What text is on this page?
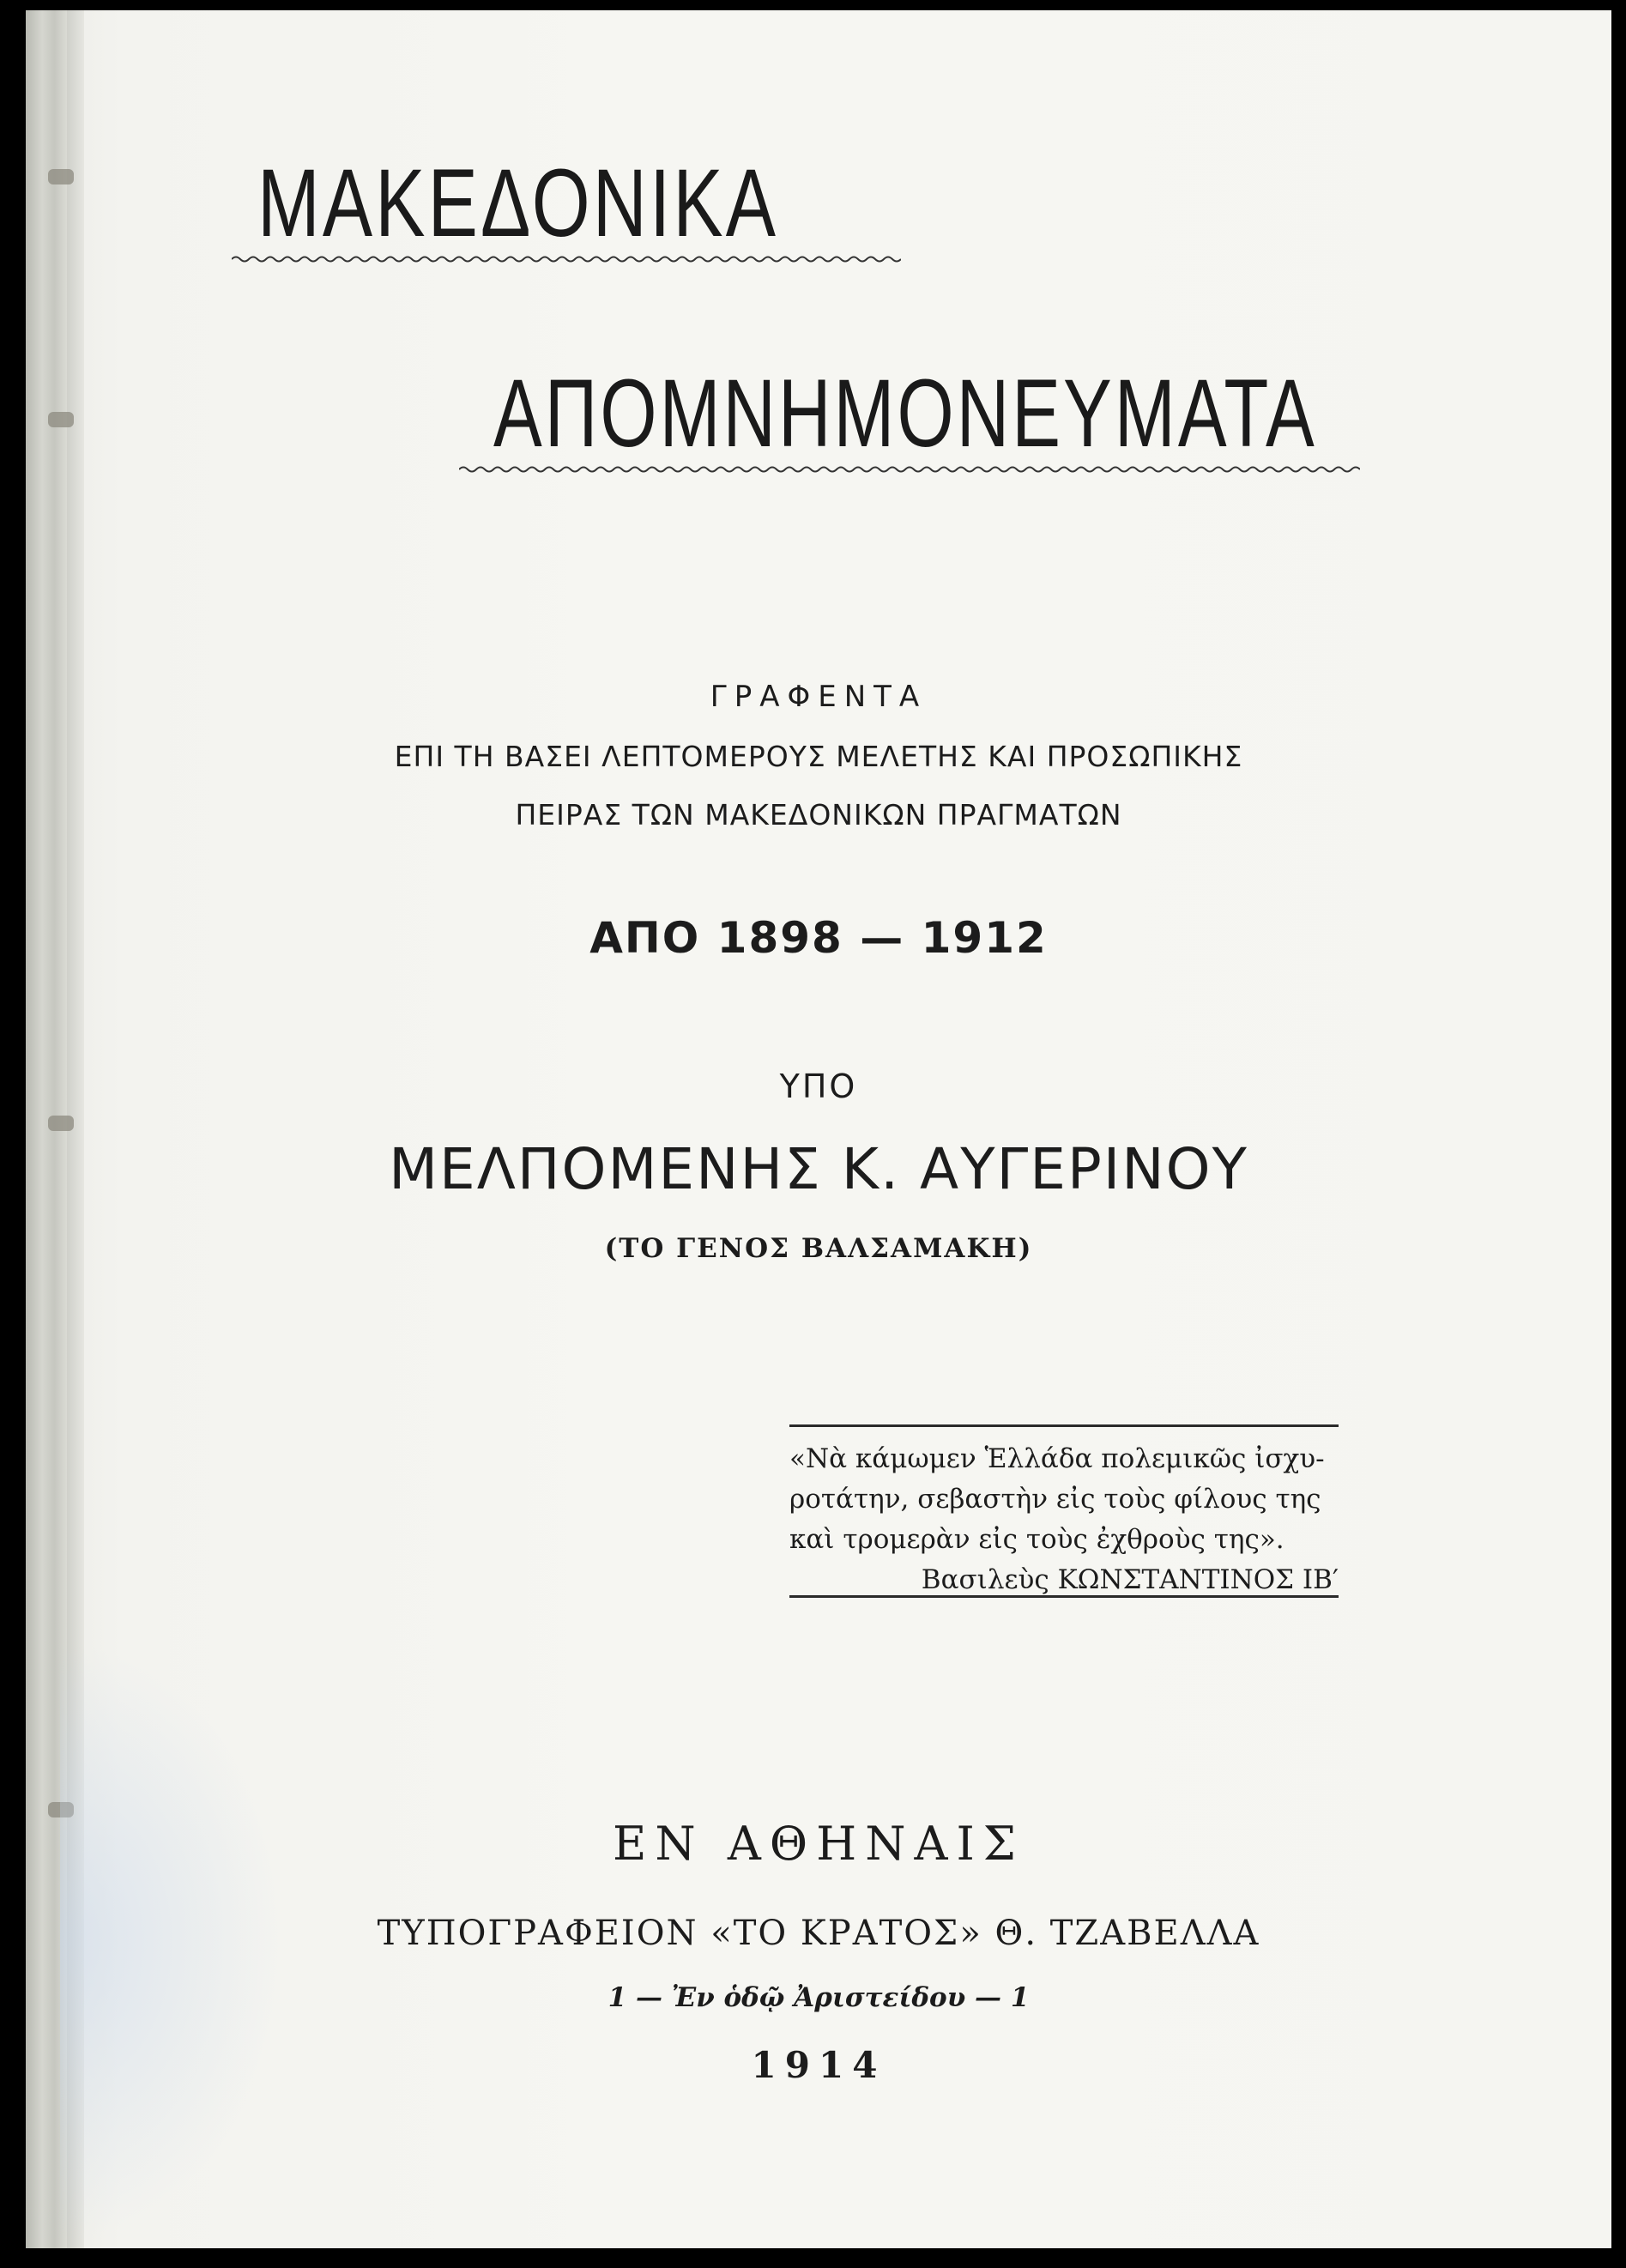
ΜΑΚΕΔΟΝΙΚΑ
ΑΠΟΜΝΗΜΟΝΕΥΜΑΤΑ
ΓΡΑΦΕΝΤΑ
ΕΠΙ ΤΗ ΒΑΣΕΙ ΛΕΠΤΟΜΕΡΟΥΣ ΜΕΛΕΤΗΣ ΚΑΙ ΠΡΟΣΩΠΙΚΗΣ
ΠΕΙΡΑΣ ΤΩΝ ΜΑΚΕΔΟΝΙΚΩΝ ΠΡΑΓΜΑΤΩΝ
ΑΠΟ 1898 — 1912
ΥΠΟ
ΜΕΛΠΟΜΕΝΗΣ Κ. ΑΥΓΕΡΙΝΟΥ
(ΤΟ ΓΕΝΟΣ ΒΑΛΣΑΜΑΚΗ)
«Νὰ κάμωμεν Ἑλλάδα πολεμικῶς ἰσχυ-
ροτάτην, σεβαστὴν εἰς τοὺς φίλους της
καὶ τρομερὰν εἰς τοὺς ἐχθροὺς της».
Βασιλεὺς ΚΩΝΣΤΑΝΤΙΝΟΣ ΙΒ′
ΕΝ ΑΘΗΝΑΙΣ
ΤΥΠΟΓΡΑΦΕΙΟΝ «ΤΟ ΚΡΑΤΟΣ» Θ. ΤΖΑΒΕΛΛΑ
1 — Ἐν ὁδῷ Ἀριστείδου — 1
1914
